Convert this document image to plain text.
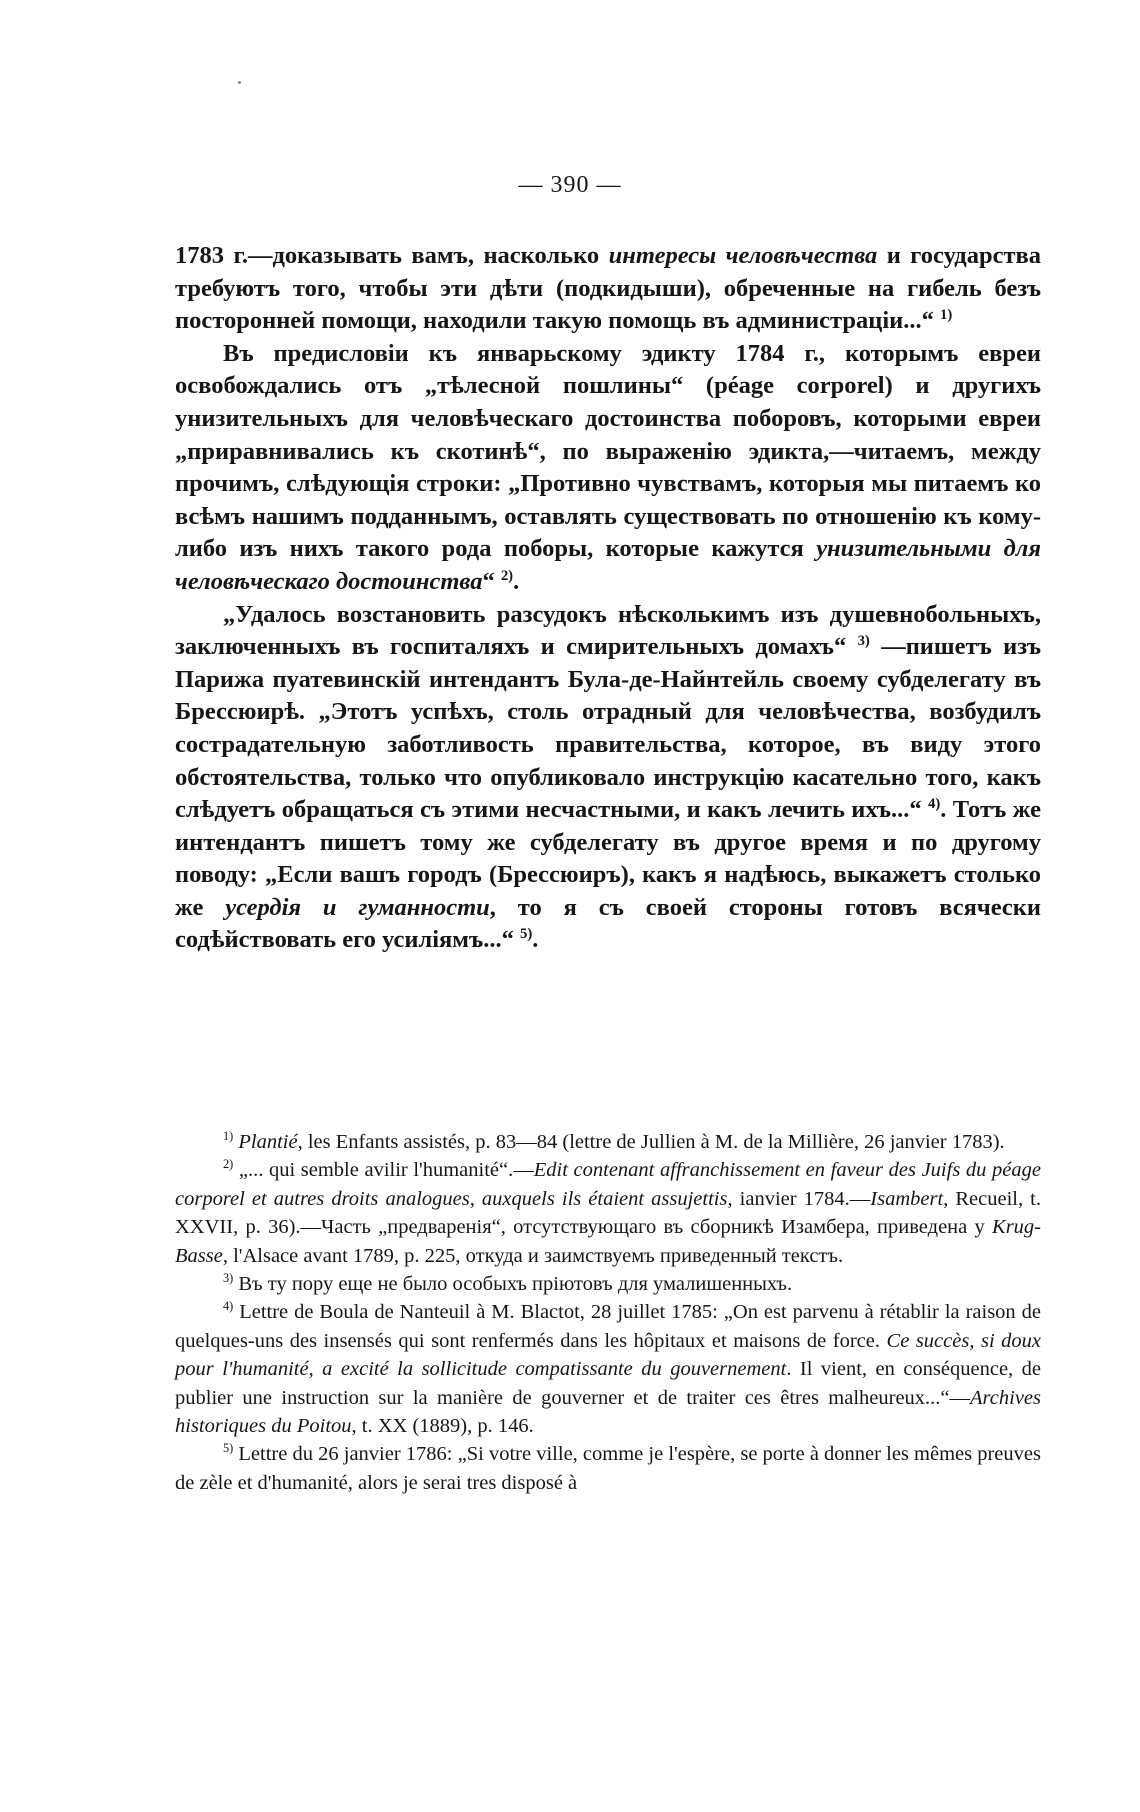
— 390 —

1783 г.—доказывать вамъ, насколько интересы человѣчества и государства требуютъ того, чтобы эти дѣти (подкидыши), обреченные на гибель безъ посторонней помощи, находили такую помощь въ администраціи...“ $^{1)}$

Въ предисловіи къ январьскому эдикту 1784 г., которымъ евреи освобождались отъ „тѣлесной пошлины“ (péage corporel) и другихъ унизительныхъ для человѣческаго достоинства поборовъ, которыми евреи „приравнивались къ скотинѣ“, по выраженію эдикта,—читаемъ, между прочимъ, слѣдующія строки: „Противно чувствамъ, которыя мы питаемъ ко всѣмъ нашимъ подданнымъ, оставлять существовать по отношенію къ кому-либо изъ нихъ такого рода поборы, которые кажутся унизительными для человѣческаго достоинства“ $^{2)}$.

„Удалось возстановить разсудокъ нѣсколькимъ изъ душевнобольныхъ, заключенныхъ въ госпиталяхъ и смирительныхъ домахъ“ $^{3)}$ —пишетъ изъ Парижа пуатевинскій интендантъ Була-де-Найнтейль своему субделегату въ Брессюирѣ. „Этотъ успѣхъ, столь отрадный для человѣчества, возбудилъ сострадательную заботливость правительства, которое, въ виду этого обстоятельства, только что опубликовало инструкцію касательно того, какъ слѣдуетъ обращаться съ этими несчастными, и какъ лечить ихъ...“ $^{4)}$. Тотъ же интендантъ пишетъ тому же субделегату въ другое время и по другому поводу: „Если вашъ городъ (Брессюиръ), какъ я надѣюсь, выкажетъ столько же усердія и гуманности, то я съ своей стороны готовъ всячески содѣйствовать его усиліямъ...“ $^{5)}$.

$^{1)}$ Plantié, les Enfants assistés, p. 83—84 (lettre de Jullien à M. de la Millière, 26 janvier 1783).

$^{2)}$ „... qui semble avilir l'humanité“.—Edit contenant affranchissement en faveur des Juifs du péage corporel et autres droits analogues, auxquels ils étaient assujettis, ianvier 1784.—Isambert, Recueil, t. XXVII, p. 36).—Часть „предваренія“, отсутствующаго въ сборникѣ Изамбера, приведена у Krug-Basse, l'Alsace avant 1789, p. 225, откуда и заимствуемъ приведенный текстъ.

$^{3)}$ Въ ту пору еще не было особыхъ пріютовъ для умалишенныхъ.

$^{4)}$ Lettre de Boula de Nanteuil à M. Blactot, 28 juillet 1785: „On est parvenu à rétablir la raison de quelques-uns des insensés qui sont renfermés dans les hôpitaux et maisons de force. Ce succès, si doux pour l'humanité, a excité la sollicitude compatissante du gouvernement. Il vient, en conséquence, de publier une instruction sur la manière de gouverner et de traiter ces êtres malheureux...“—Archives historiques du Poitou, t. XX (1889), p. 146.

$^{5)}$ Lettre du 26 janvier 1786: „Si votre ville, comme je l'espère, se porte à donner les mêmes preuves de zèle et d'humanité, alors je serai tres disposé à
